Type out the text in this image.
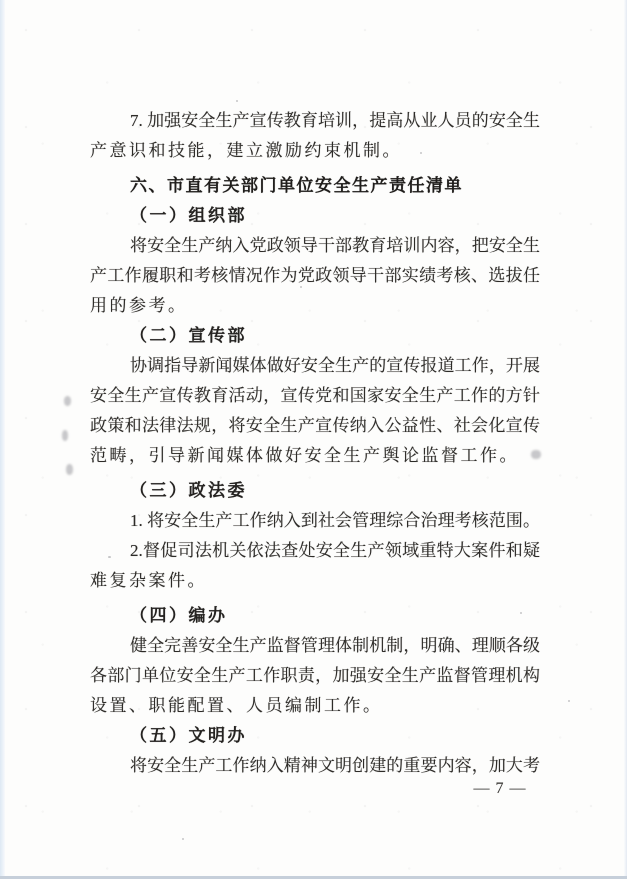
7. 加强安全生产宣传教育培训，提高从业人员的安全生
产意识和技能，建立激励约束机制。
六、市直有关部门单位安全生产责任清单
（一）组织部
将安全生产纳入党政领导干部教育培训内容，把安全生
产工作履职和考核情况作为党政领导干部实绩考核、选拔任
用的参考。
（二）宣传部
协调指导新闻媒体做好安全生产的宣传报道工作，开展
安全生产宣传教育活动，宣传党和国家安全生产工作的方针
政策和法律法规，将安全生产宣传纳入公益性、社会化宣传
范畴，引导新闻媒体做好安全生产舆论监督工作。
（三）政法委
1. 将安全生产工作纳入到社会管理综合治理考核范围。
2.督促司法机关依法查处安全生产领域重特大案件和疑
难复杂案件。
（四）编办
健全完善安全生产监督管理体制机制，明确、理顺各级
各部门单位安全生产工作职责，加强安全生产监督管理机构
设置、职能配置、人员编制工作。
（五）文明办
将安全生产工作纳入精神文明创建的重要内容，加大考
— 7 —
